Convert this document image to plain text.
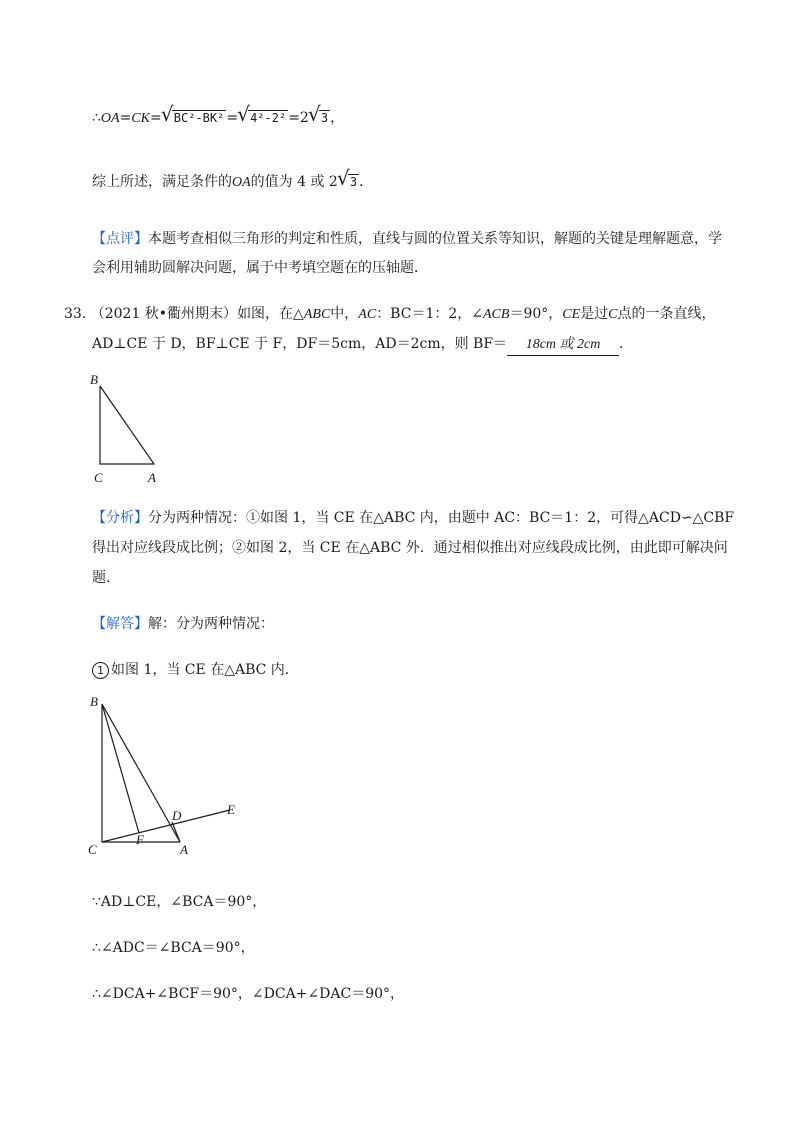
∴OA=CK= √ BC²-BK² = √ 4²-2² =2 √ 3 ，
综上所述，满足条件的OA的值为 4 或 2 √ 3 ．
【点评】本题考查相似三角形的判定和性质，直线与圆的位置关系等知识，解题的关键是理解题意，学
会利用辅助圆解决问题，属于中考填空题在的压轴题．
33. （2021 秋•衢州期末）如图，在△ABC中，AC：BC＝1：2，∠ACB＝90°，CE是过C点的一条直线，
AD⊥CE 于 D，BF⊥CE 于 F，DF＝5cm，AD＝2cm，则 BF＝ 18cm 或 2cm ．
B
C	A
【分析】分为两种情况：①如图 1，当 CE 在△ABC 内，由题中 AC：BC＝1：2，可得△ACD∽△CBF
得出对应线段成比例；②如图 2，当 CE 在△ABC 外．通过相似推出对应线段成比例，由此即可解决问
题．
【解答】解：分为两种情况：
1 如图 1，当 CE 在△ABC 内．
B
C
F
A
D	E
∵AD⊥CE，∠BCA＝90°，
∴∠ADC＝∠BCA＝90°，
∴∠DCA+∠BCF＝90°，∠DCA+∠DAC＝90°，
